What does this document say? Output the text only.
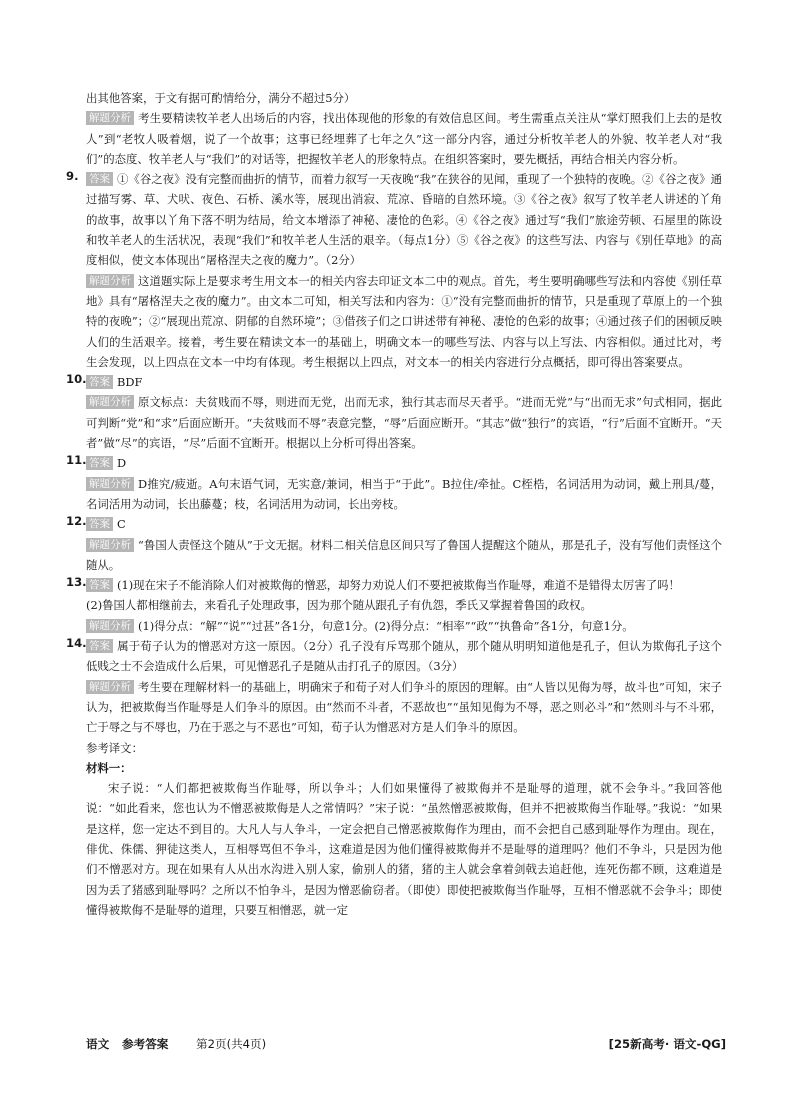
出其他答案，于文有据可酌情给分，满分不超过5分）

解题分析 考生要精读牧羊老人出场后的内容，找出体现他的形象的有效信息区间。考生需重点关注从“掌灯照我们上去的是牧人”到“老牧人吸着烟，说了一个故事；这事已经埋葬了七年之久”这一部分内容，通过分析牧羊老人的外貌、牧羊老人对“我们”的态度、牧羊老人与“我们”的对话等，把握牧羊老人的形象特点。在组织答案时，要先概括，再结合相关内容分析。

9. 答案 ①《谷之夜》没有完整而曲折的情节，而着力叙写一天夜晚“我”在狭谷的见闻，重现了一个独特的夜晚。②《谷之夜》通过描写雾、草、犬吠、夜色、石桥、溪水等，展现出消寂、荒凉、昏暗的自然环境。③《谷之夜》叙写了牧羊老人讲述的丫角的故事，故事以丫角下落不明为结局，给文本增添了神秘、凄怆的色彩。④《谷之夜》通过写“我们”旅途劳顿、石屋里的陈设和牧羊老人的生活状况，表现“我们”和牧羊老人生活的艰辛。（每点1分）⑤《谷之夜》的这些写法、内容与《别任草地》的高度相似，使文本体现出“屠格涅夫之夜的魔力”。（2分）

解题分析 这道题实际上是要求考生用文本一的相关内容去印证文本二中的观点。首先，考生要明确哪些写法和内容使《别任草地》具有“屠格涅夫之夜的魔力”。由文本二可知，相关写法和内容为：①“没有完整而曲折的情节，只是重现了草原上的一个独特的夜晚”；②“展现出荒凉、阴郁的自然环境”；③借孩子们之口讲述带有神秘、凄怆的色彩的故事；④通过孩子们的困顿反映人们的生活艰辛。接着，考生要在精读文本一的基础上，明确文本一的哪些写法、内容与以上写法、内容相似。通过比对，考生会发现，以上四点在文本一中均有体现。考生根据以上四点，对文本一的相关内容进行分点概括，即可得出答案要点。

10. 答案 BDF

解题分析 原文标点：夫贫贱而不辱，则进而无党，出而无求，独行其志而尽天者乎。“进而无党”与“出而无求”句式相同，据此可判断“党”和“求”后面应断开。“夫贫贱而不辱”表意完整，“辱”后面应断开。“其志”做“独行”的宾语，“行”后面不宜断开。“天者”做“尽”的宾语，“尽”后面不宜断开。根据以上分析可得出答案。

11. 答案 D

解题分析 D推究/疲逝。A句末语气词，无实意/兼词，相当于“于此”。B拉住/牵扯。C桎梏，名词活用为动词，戴上刑具/蔓，名词活用为动词，长出藤蔓；枝，名词活用为动词，长出旁枝。

12. 答案 C

解题分析 “鲁国人责怪这个随从”于文无据。材料二相关信息区间只写了鲁国人提醒这个随从，那是孔子，没有写他们责怪这个随从。

13. 答案 (1)现在宋子不能消除人们对被欺侮的憎恶，却努力劝说人们不要把被欺侮当作耻辱，难道不是错得太厉害了吗！

(2)鲁国人都相继前去，来看孔子处理政事，因为那个随从跟孔子有仇怨，季氏又掌握着鲁国的政权。

解题分析 (1)得分点：“解”“说”“过甚”各1分，句意1分。(2)得分点：“相率”“政”“执鲁命”各1分，句意1分。

14. 答案 属于荀子认为的憎恶对方这一原因。（2分）孔子没有斥骂那个随从，那个随从明明知道他是孔子，但认为欺侮孔子这个低贱之士不会造成什么后果，可见憎恶孔子是随从击打孔子的原因。（3分）

解题分析 考生要在理解材料一的基础上，明确宋子和荀子对人们争斗的原因的理解。由“人皆以见侮为辱，故斗也”可知，宋子认为，把被欺侮当作耻辱是人们争斗的原因。由“然而不斗者，不恶故也”“虽知见侮为不辱，恶之则必斗”和“然则斗与不斗邪，亡于辱之与不辱也，乃在于恶之与不恶也”可知，荀子认为憎恶对方是人们争斗的原因。

参考译文：

材料一：

宋子说：“人们都把被欺侮当作耻辱，所以争斗；人们如果懂得了被欺侮并不是耻辱的道理，就不会争斗。”我回答他说：“如此看来，您也认为不憎恶被欺侮是人之常情吗？”宋子说：“虽然憎恶被欺侮，但并不把被欺侮当作耻辱。”我说：“如果是这样，您一定达不到目的。大凡人与人争斗，一定会把自己憎恶被欺侮作为理由，而不会把自己感到耻辱作为理由。现在，俳优、侏儒、狎徒这类人，互相辱骂但不争斗，这难道是因为他们懂得被欺侮并不是耻辱的道理吗？他们不争斗，只是因为他们不憎恶对方。现在如果有人从出水沟进入别人家，偷别人的猪，猪的主人就会拿着剑戟去追赶他，连死伤都不顾，这难道是因为丢了猪感到耻辱吗？之所以不怕争斗，是因为憎恶偷窃者。（即使）即使把被欺侮当作耻辱，互相不憎恶就不会争斗；即使懂得被欺侮不是耻辱的道理，只要互相憎恶，就一定

语文 参考答案 第2页(共4页)	[25新高考· 语文-QG]
